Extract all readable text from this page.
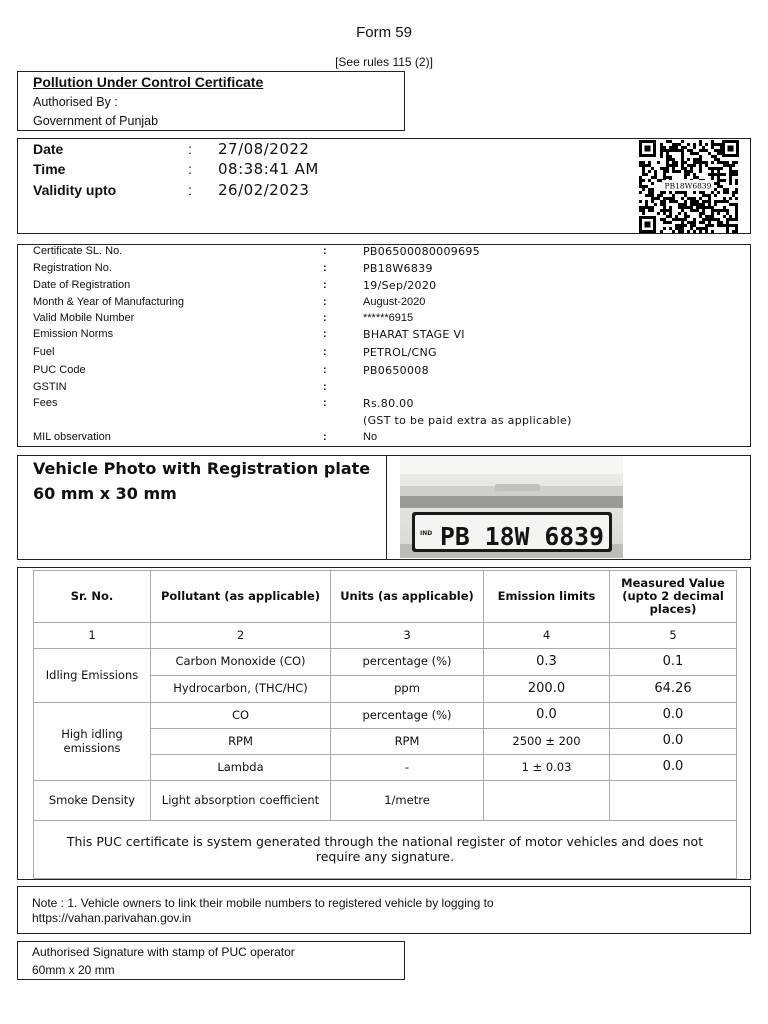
Form 59
[See rules 115 (2)]
Pollution Under Control Certificate
Authorised By :
Government of Punjab
Date	: 27/08/2022
Time	: 08:38:41 AM
Validity upto	: 26/02/2023	PB18W6839
Certificate SL. No.	:	PB06500080009695
Registration No.	:	PB18W6839
Date of Registration	:	19/Sep/2020
Month & Year of Manufacturing	:	August-2020
Valid Mobile Number	:	******6915
Emission Norms	:	BHARAT STAGE VI
Fuel	:	PETROL/CNG
PUC Code	:	PB0650008
GSTIN	:
Fees	:	Rs.80.00
(GST to be paid extra as applicable)
MIL observation	:	No
Vehicle Photo with Registration plate
60 mm x 30 mm
IND PB 18W 6839
Sr. No.	Pollutant (as applicable)	Units (as applicable)	Emission limits	Measured Value (upto 2 decimal places)
1	2	3	4	5
Idling Emissions	Carbon Monoxide (CO)	percentage (%)	0.3	0.1
	Hydrocarbon, (THC/HC)	ppm	200.0	64.26
High idling emissions	CO	percentage (%)	0.0	0.0
	RPM	RPM	2500 ± 200	0.0
	Lambda	-	1 ± 0.03	0.0
Smoke Density	Light absorption coefficient	1/metre		
This PUC certificate is system generated through the national register of motor vehicles and does not require any signature.				
Note : 1. Vehicle owners to link their mobile numbers to registered vehicle by logging to https://vahan.parivahan.gov.in
Authorised Signature with stamp of PUC operator
60mm x 20 mm
